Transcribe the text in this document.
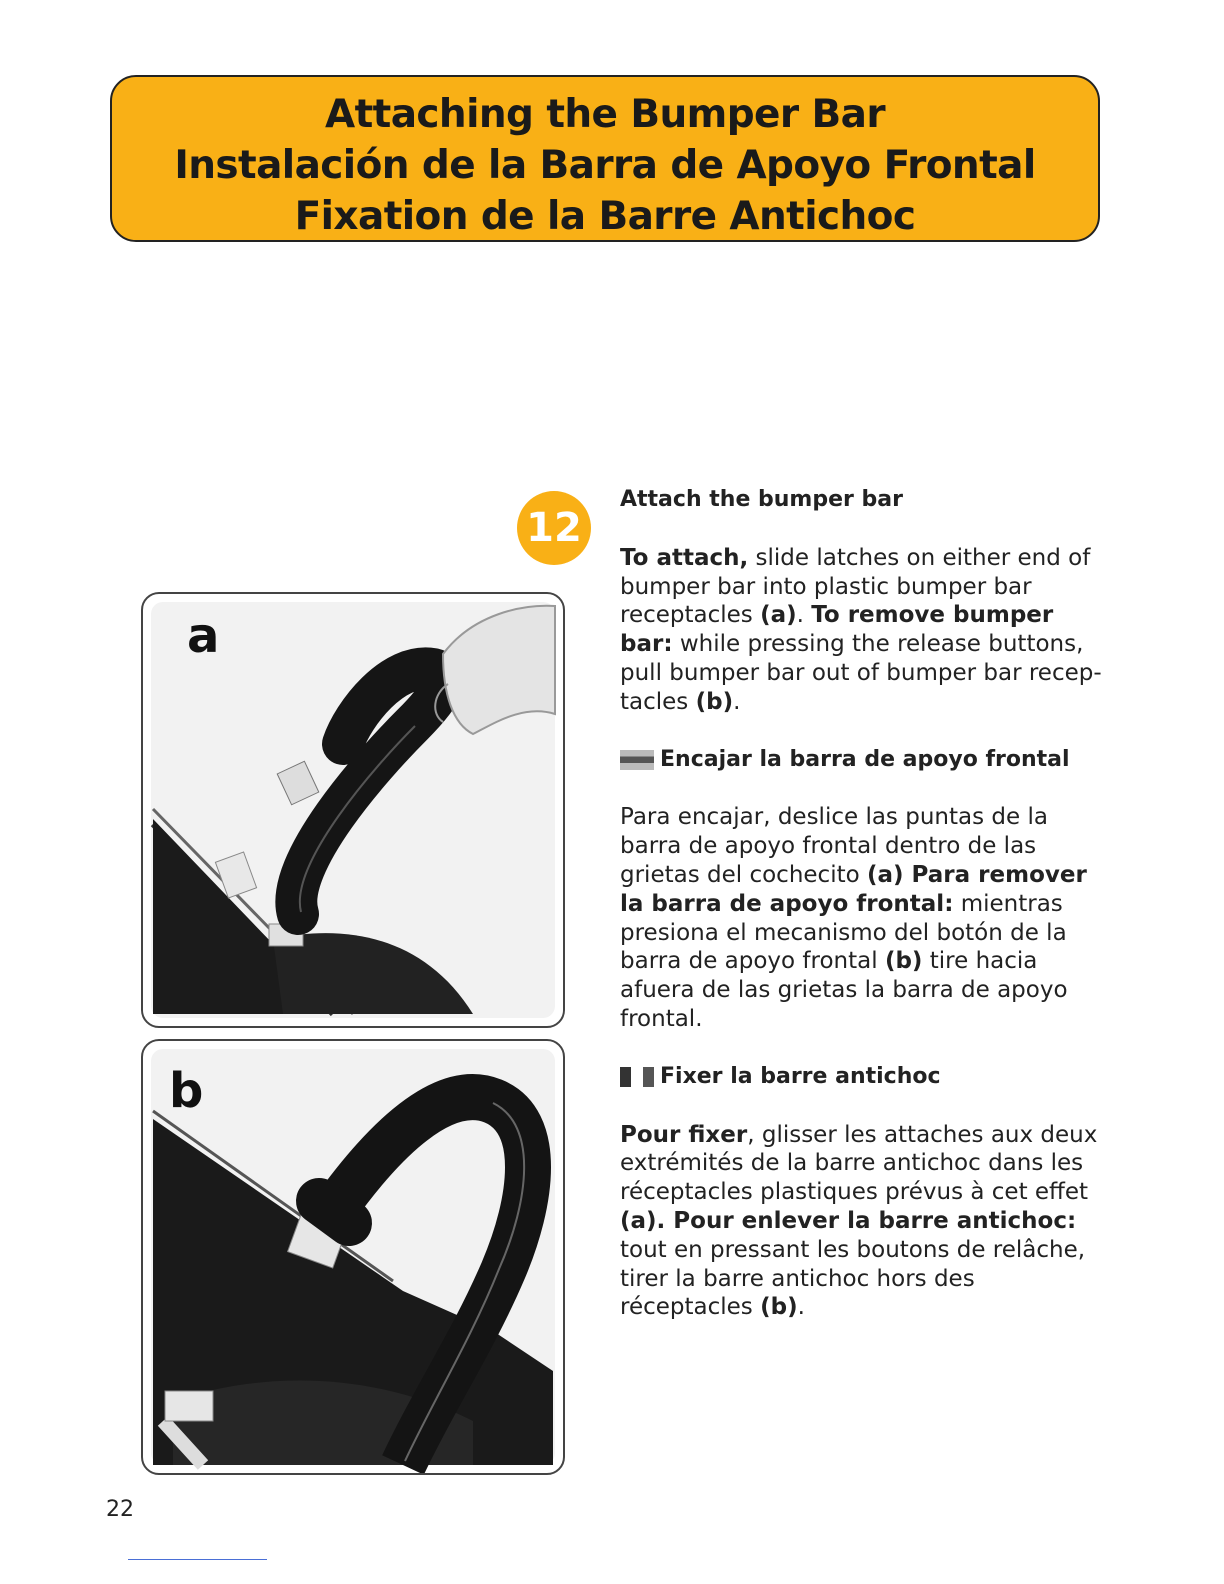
Attaching the Bumper Bar
Instalación de la Barra de Apoyo Frontal
Fixation de la Barre Antichoc
12
a
b
Attach the bumper bar

To attach, slide latches on either end of bumper bar into plastic bumper bar receptacles (a). To remove bumper bar: while pressing the release buttons, pull bumper bar out of bumper bar recep-tacles (b).

Encajar la barra de apoyo frontal

Para encajar, deslice las puntas de la barra de apoyo frontal dentro de las grietas del cochecito (a) Para remover la barra de apoyo frontal: mientras presiona el mecanismo del botón de la barra de apoyo frontal (b) tire hacia afuera de las grietas la barra de apoyo frontal.

Fixer la barre antichoc

Pour fixer, glisser les attaches aux deux extrémités de la barre antichoc dans les réceptacles plastiques prévus à cet effet (a). Pour enlever la barre antichoc: tout en pressant les boutons de relâche, tirer la barre antichoc hors des réceptacles (b).

22
